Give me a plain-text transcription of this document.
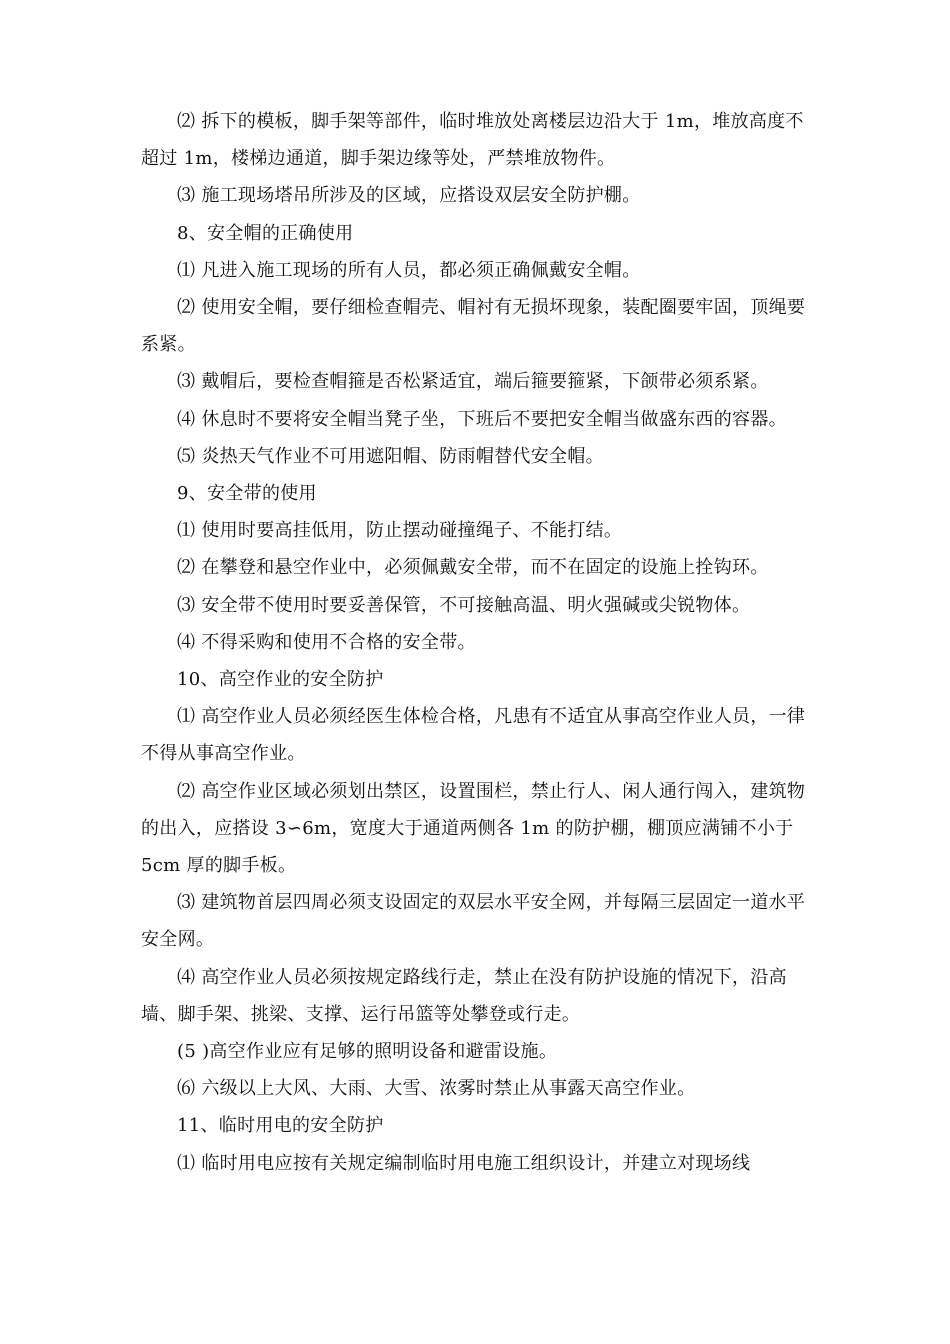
⑵ 拆下的模板，脚手架等部件，临时堆放处离楼层边沿大于 1m，堆放高度不超过 1m，楼梯边通道，脚手架边缘等处，严禁堆放物件。

⑶ 施工现场塔吊所涉及的区域，应搭设双层安全防护棚。

8、安全帽的正确使用

⑴ 凡进入施工现场的所有人员，都必须正确佩戴安全帽。

⑵ 使用安全帽，要仔细检查帽壳、帽衬有无损坏现象，装配圈要牢固，顶绳要系紧。

⑶ 戴帽后，要检查帽箍是否松紧适宜，端后箍要箍紧，下颌带必须系紧。

⑷ 休息时不要将安全帽当凳子坐，下班后不要把安全帽当做盛东西的容器。

⑸ 炎热天气作业不可用遮阳帽、防雨帽替代安全帽。

9、安全带的使用

⑴ 使用时要高挂低用，防止摆动碰撞绳子、不能打结。

⑵ 在攀登和悬空作业中，必须佩戴安全带，而不在固定的设施上拴钩环。

⑶ 安全带不使用时要妥善保管，不可接触高温、明火强碱或尖锐物体。

⑷ 不得采购和使用不合格的安全带。

10、高空作业的安全防护

⑴ 高空作业人员必须经医生体检合格，凡患有不适宜从事高空作业人员，一律不得从事高空作业。

⑵ 高空作业区域必须划出禁区，设置围栏，禁止行人、闲人通行闯入，建筑物的出入，应搭设 3∽6m，宽度大于通道两侧各 1m 的防护棚，棚顶应满铺不小于 5cm 厚的脚手板。

⑶ 建筑物首层四周必须支设固定的双层水平安全网，并每隔三层固定一道水平安全网。

⑷ 高空作业人员必须按规定路线行走，禁止在没有防护设施的情况下，沿高墙、脚手架、挑梁、支撑、运行吊篮等处攀登或行走。

(5 )高空作业应有足够的照明设备和避雷设施。

⑹ 六级以上大风、大雨、大雪、浓雾时禁止从事露天高空作业。

11、临时用电的安全防护

⑴ 临时用电应按有关规定编制临时用电施工组织设计，并建立对现场线
